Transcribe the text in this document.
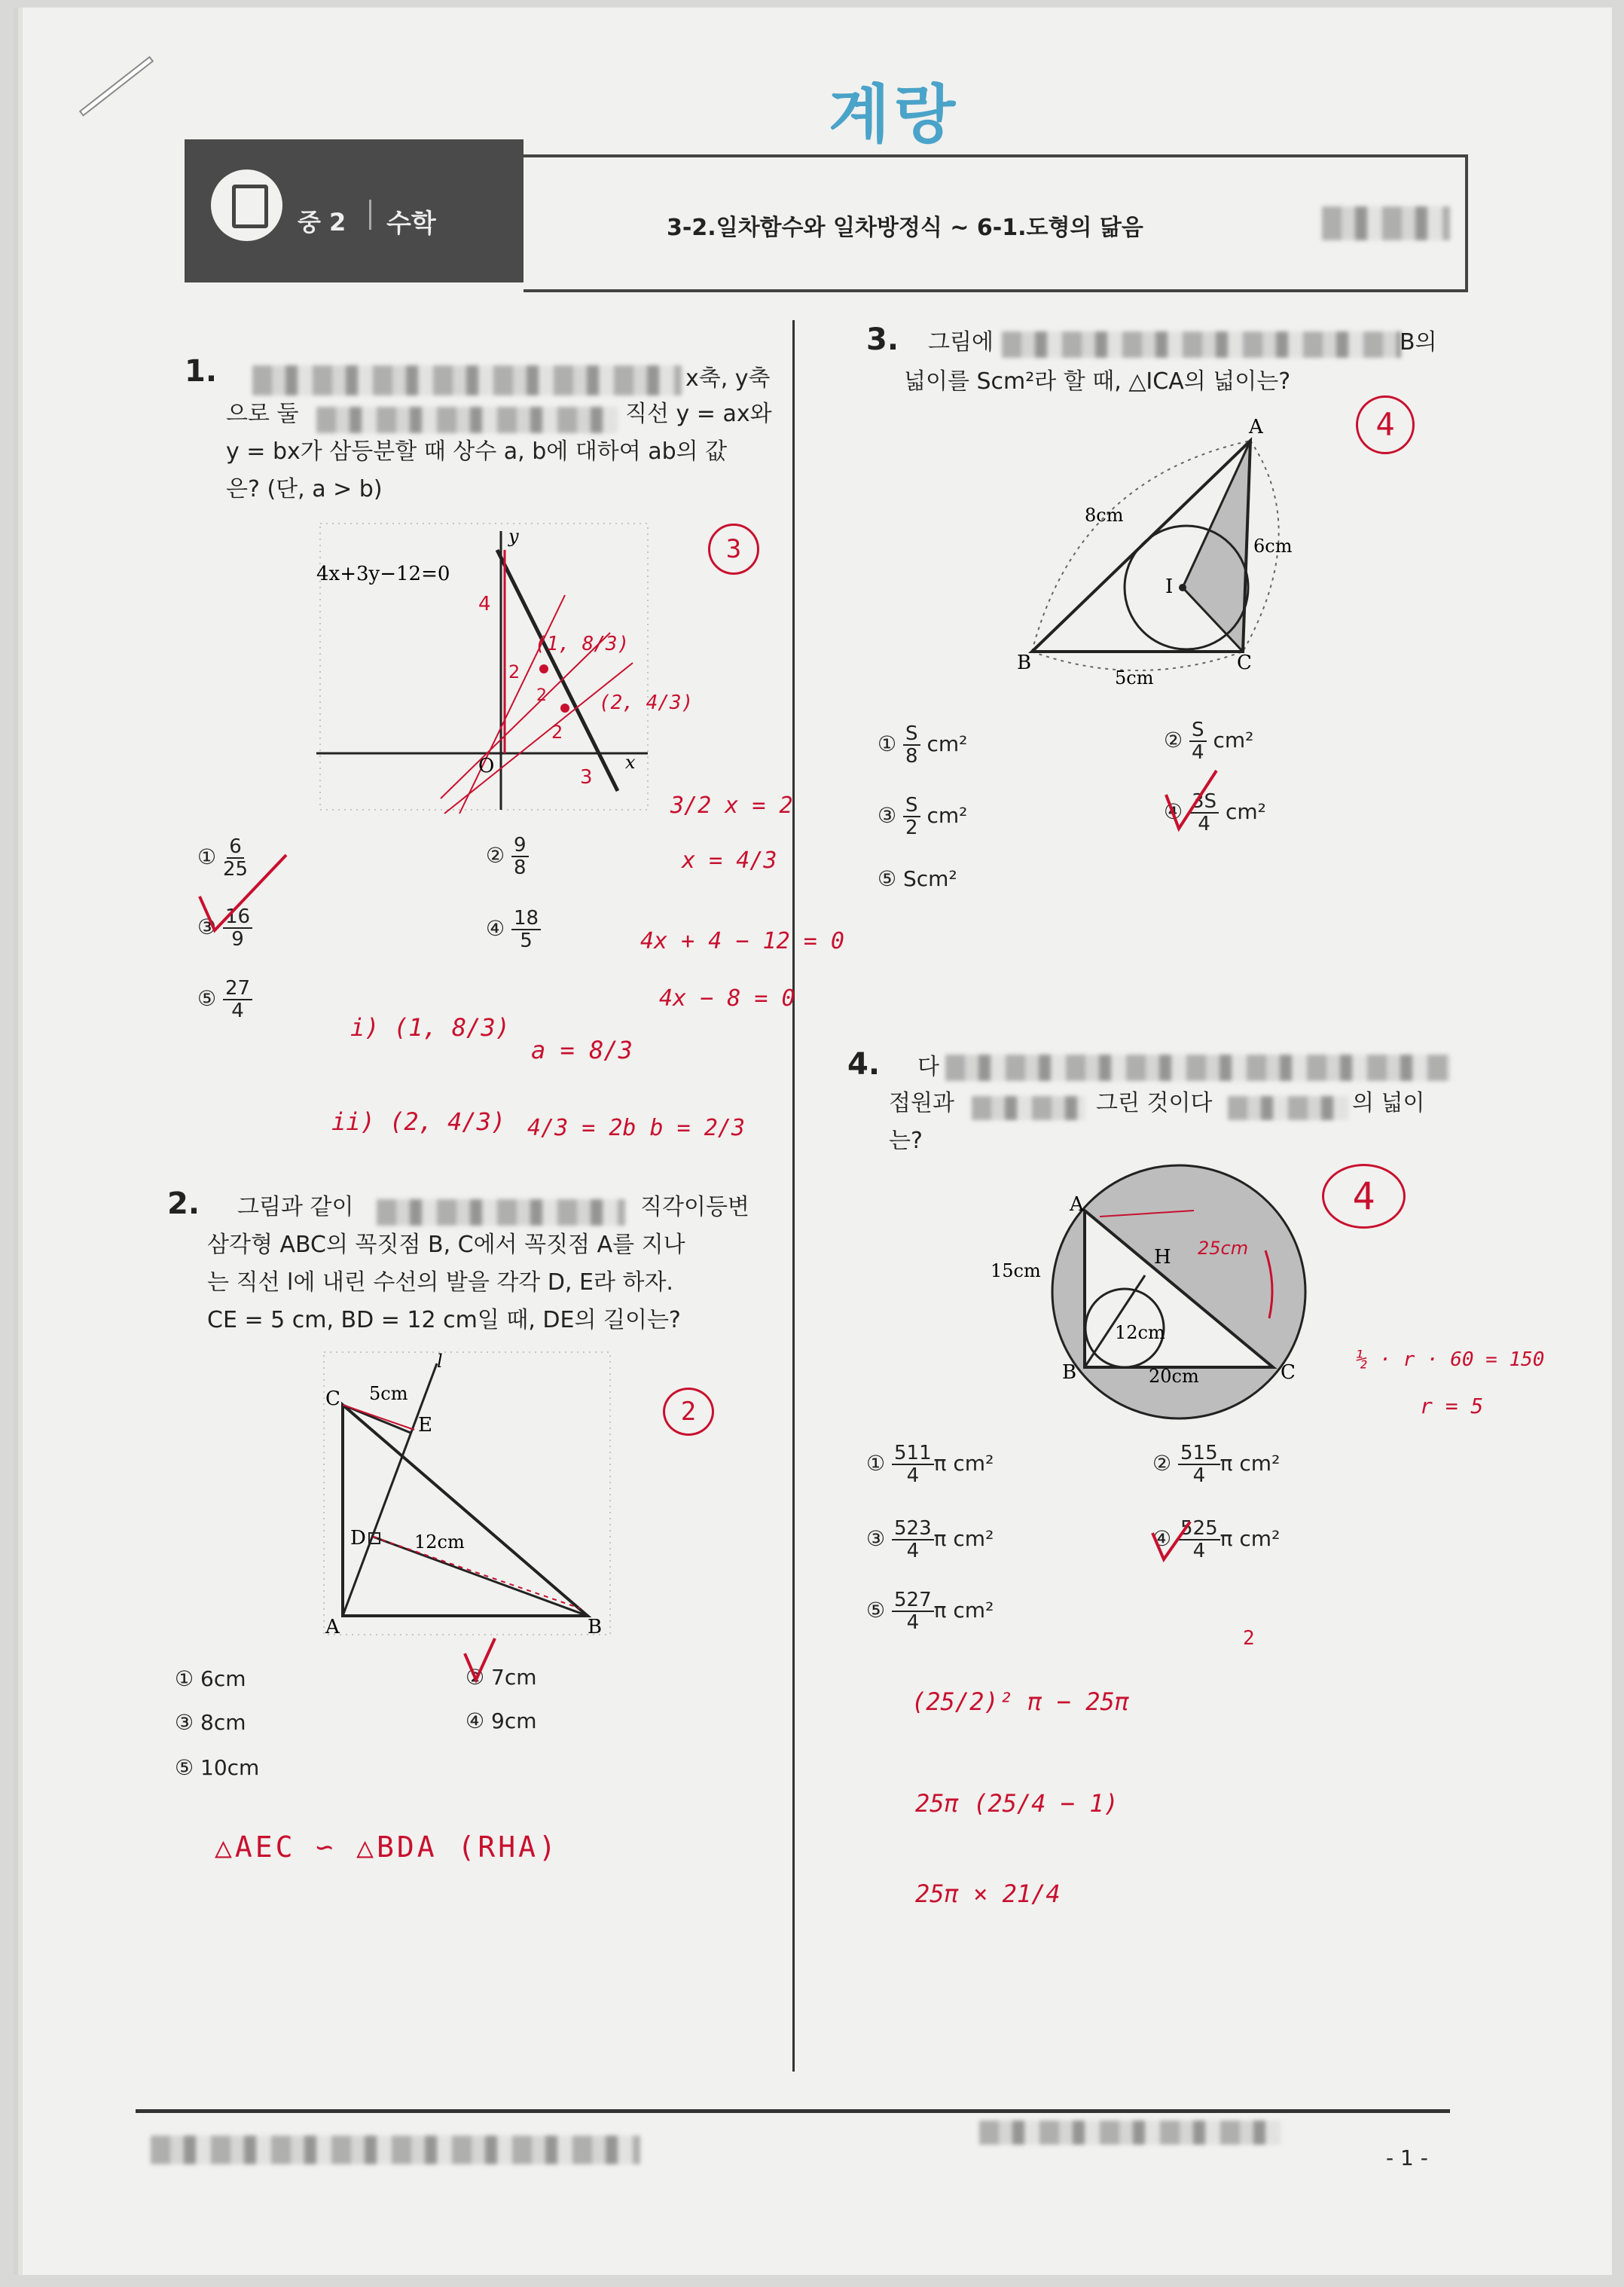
계랑
중 2 수학	3-2.일차함수와 일차방정식 ~ 6-1.도형의 닮음
1.	x축, y축
으로 둘	직선 y = ax와
y = bx가 삼등분할 때 상수 a, b에 대하여 ab의 값
은? (단, a > b)
4x+3y−12=0
y
x
O
4
3
2
2
2
(1, 8/3)
(2, 4/3)
3
① $\frac{6}{25}$	② $\frac{9}{8}$
③ $\frac{16}{9}$	④ $\frac{18}{5}$
⑤ $\frac{27}{4}$
3/2 x = 2
x = 4/3
4x + 4 − 12 = 0
4x − 8 = 0
i) (1, 8/3)
a = 8/3
ii) (2, 4/3) 4/3 = 2b b = 2/3
2. 그림과 같이	직각이등변
삼각형 ABC의 꼭짓점 B, C에서 꼭짓점 A를 지나
는 직선 l에 내린 수선의 발을 각각 D, E라 하자.
CE = 5 cm, BD = 12 cm일 때, DE의 길이는?
C
E
D
A	B
l
5cm
12cm
2
① 6cm	② 7cm
③ 8cm	④ 9cm
⑤ 10cm
△AEC ∽ △BDA (RHA)
3. 그림에	B의
넓이를 Scm²라 할 때, △ICA의 넓이는?
4
A
B	C
I
8cm
6cm
5cm
① $\frac{S}{8} cm^2$	② $\frac{S}{4} cm^2$
③ $\frac{S}{2} cm^2$	④ $\frac{3S}{4} cm^2$
⑤ Scm²
4. 다
접원과	그린 것이다	의 넓이
는?
4
A
B	C
H
15cm
20cm
12cm
25cm
½ · r · 60 = 150
r = 5
① $\frac{511}{4}$ π cm²	② $\frac{515}{4}$ π cm²
③ $\frac{523}{4}$ π cm²	④ $\frac{525}{4}$ π cm²
⑤ $\frac{527}{4}$ π cm²
2
(25/2)² π − 25π
25π (25/4 − 1)
25π × 21/4
- 1 -
